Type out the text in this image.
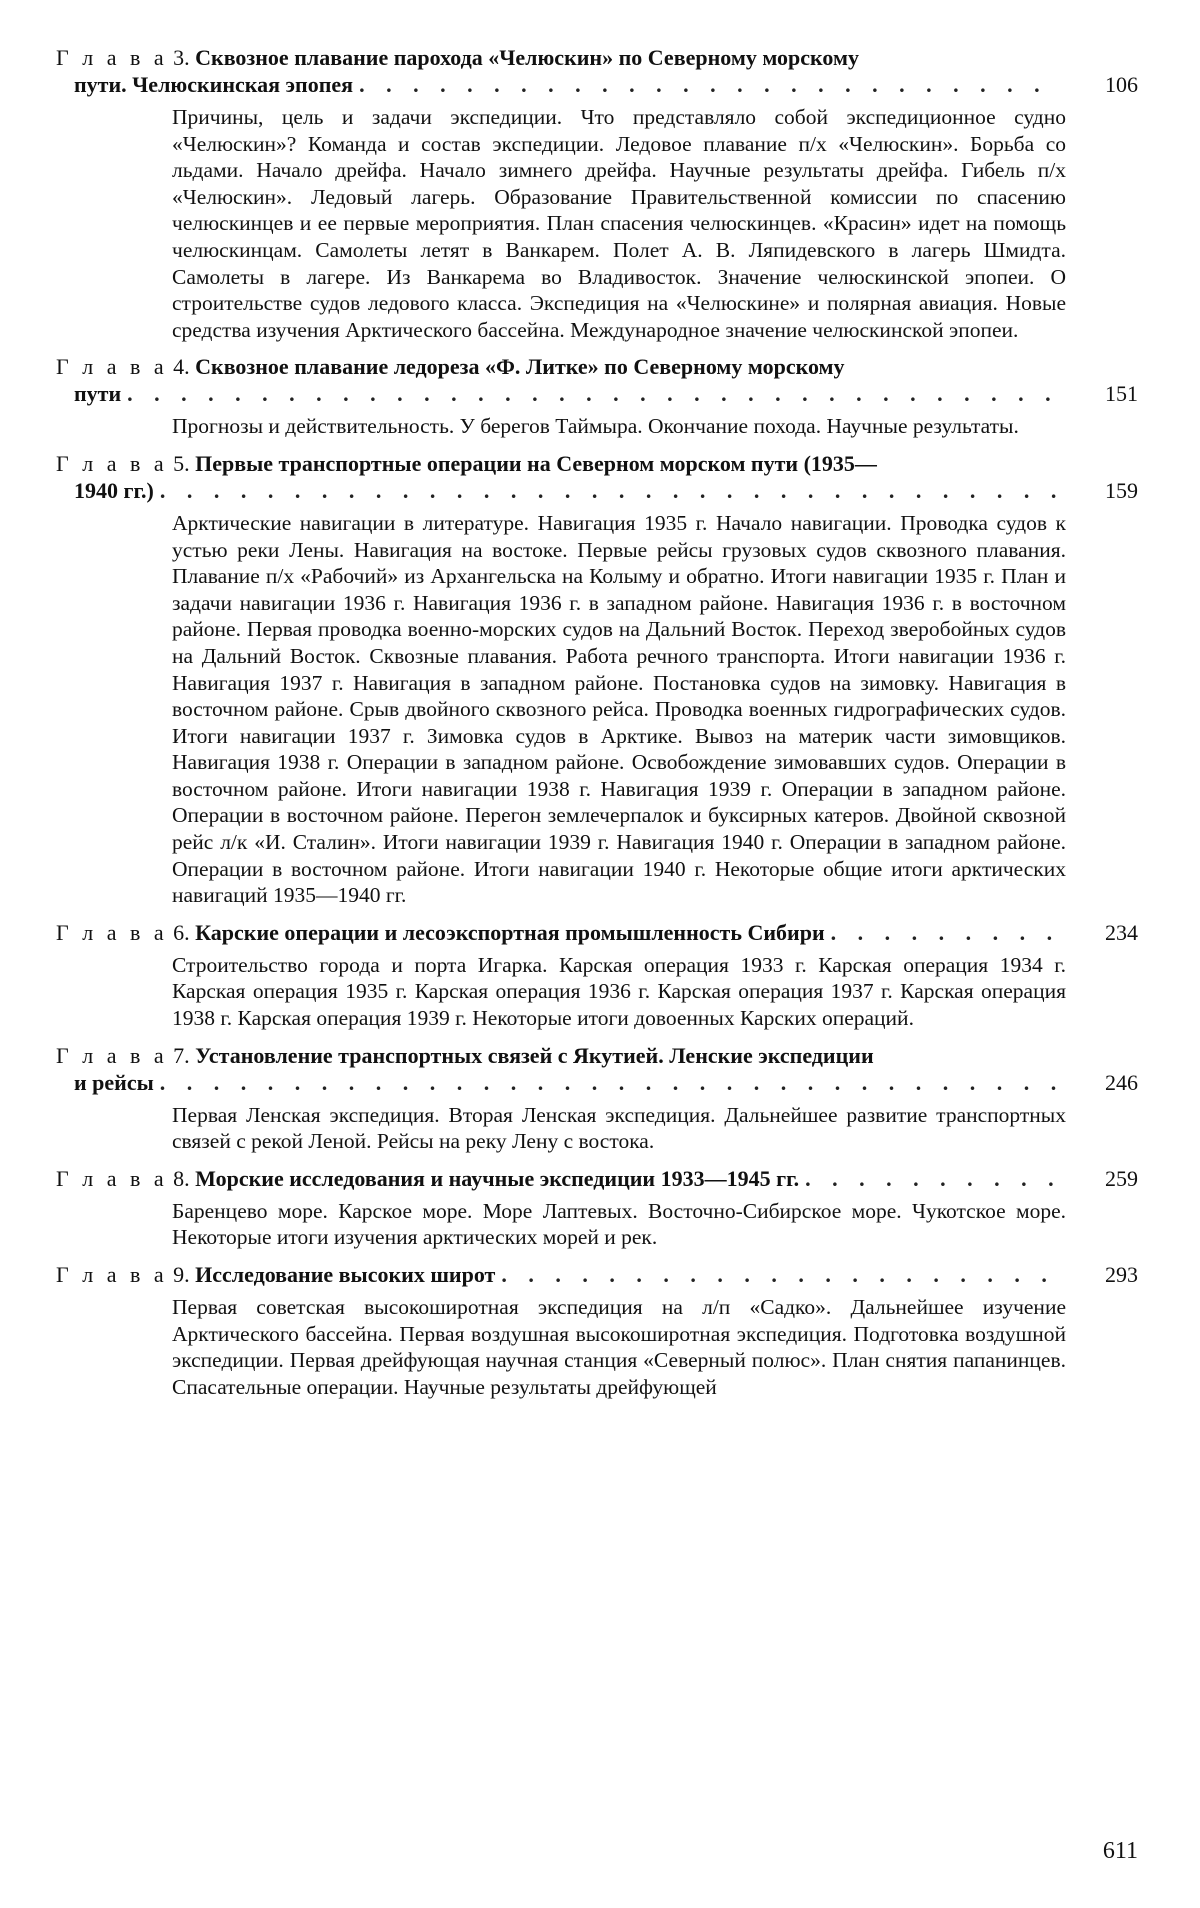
Г л а в а 3. Сквозное плавание парохода «Челюскин» по Северному морскому
пути. Челюскинская эпопея . . .	106
Причины, цель и задачи экспедиции. Что представляло собой экспедиционное судно «Челюскин»? Команда и состав экспедиции. Ледовое плавание п/х «Челюскин». Борьба со льдами. Начало дрейфа. Начало зимнего дрейфа. Научные результаты дрейфа. Гибель п/х «Челюскин». Ледовый лагерь. Образование Правительственной комиссии по спасению челюскинцев и ее первые мероприятия. План спасения челюскинцев. «Красин» идет на помощь челюскинцам. Самолеты летят в Ванкарем. Полет А. В. Ляпидевского в лагерь Шмидта. Самолеты в лагере. Из Ванкарема во Владивосток. Значение челюскинской эпопеи. О строительстве судов ледового класса. Экспедиция на «Челюскине» и полярная авиация. Новые средства изучения Арктического бассейна. Международное значение челюскинской эпопеи.
Г л а в а 4. Сквозное плавание ледореза «Ф. Литке» по Северному морскому
пути . . .	151
Прогнозы и действительность. У берегов Таймыра. Окончание похода. Научные результаты.
Г л а в а 5. Первые транспортные операции на Северном морском пути (1935—
1940 гг.) . . .	159
Арктические навигации в литературе. Навигация 1935 г. Начало навигации. Проводка судов к устью реки Лены. Навигация на востоке. Первые рейсы грузовых судов сквозного плавания. Плавание п/х «Рабочий» из Архангельска на Колыму и обратно. Итоги навигации 1935 г. План и задачи навигации 1936 г. Навигация 1936 г. в западном районе. Навигация 1936 г. в восточном районе. Первая проводка военно-морских судов на Дальний Восток. Переход зверобойных судов на Дальний Восток. Сквозные плавания. Работа речного транспорта. Итоги навигации 1936 г. Навигация 1937 г. Навигация в западном районе. Постановка судов на зимовку. Навигация в восточном районе. Срыв двойного сквозного рейса. Проводка военных гидрографических судов. Итоги навигации 1937 г. Зимовка судов в Арктике. Вывоз на материк части зимовщиков. Навигация 1938 г. Операции в западном районе. Освобождение зимовавших судов. Операции в восточном районе. Итоги навигации 1938 г. Навигация 1939 г. Операции в западном районе. Операции в восточном районе. Перегон землечерпалок и буксирных катеров. Двойной сквозной рейс л/к «И. Сталин». Итоги навигации 1939 г. Навигация 1940 г. Операции в западном районе. Операции в восточном районе. Итоги навигации 1940 г. Некоторые общие итоги арктических навигаций 1935—1940 гг.
Г л а в а
6.
Карские операции и лесоэкспортная промышленность Сибири . . .	234
Строительство города и порта Игарка. Карская операция 1933 г. Карская операция 1934 г. Карская операция 1935 г. Карская операция 1936 г. Карская операция 1937 г. Карская операция 1938 г. Карская операция 1939 г. Некоторые итоги довоенных Карских операций.
Г л а в а 7. Установление транспортных связей с Якутией. Ленские экспедиции
и рейсы . . .	246
Первая Ленская экспедиция. Вторая Ленская экспедиция. Дальнейшее развитие транспортных связей с рекой Леной. Рейсы на реку Лену с востока.
Г л а в а
8.
Морские исследования и научные экспедиции 1933—1945 гг. . . .	259
Баренцево море. Карское море. Море Лаптевых. Восточно-Сибирское море. Чукотское море. Некоторые итоги изучения арктических морей и рек.
Г л а в а
9.
Исследование высоких широт . . .	293
Первая советская высокоширотная экспедиция на л/п «Садко». Дальнейшее изучение Арктического бассейна. Первая воздушная высокоширотная экспедиция. Подготовка воздушной экспедиции. Первая дрейфующая научная станция «Северный полюс». План снятия папанинцев. Спасательные операции. Научные результаты дрейфующей
611
